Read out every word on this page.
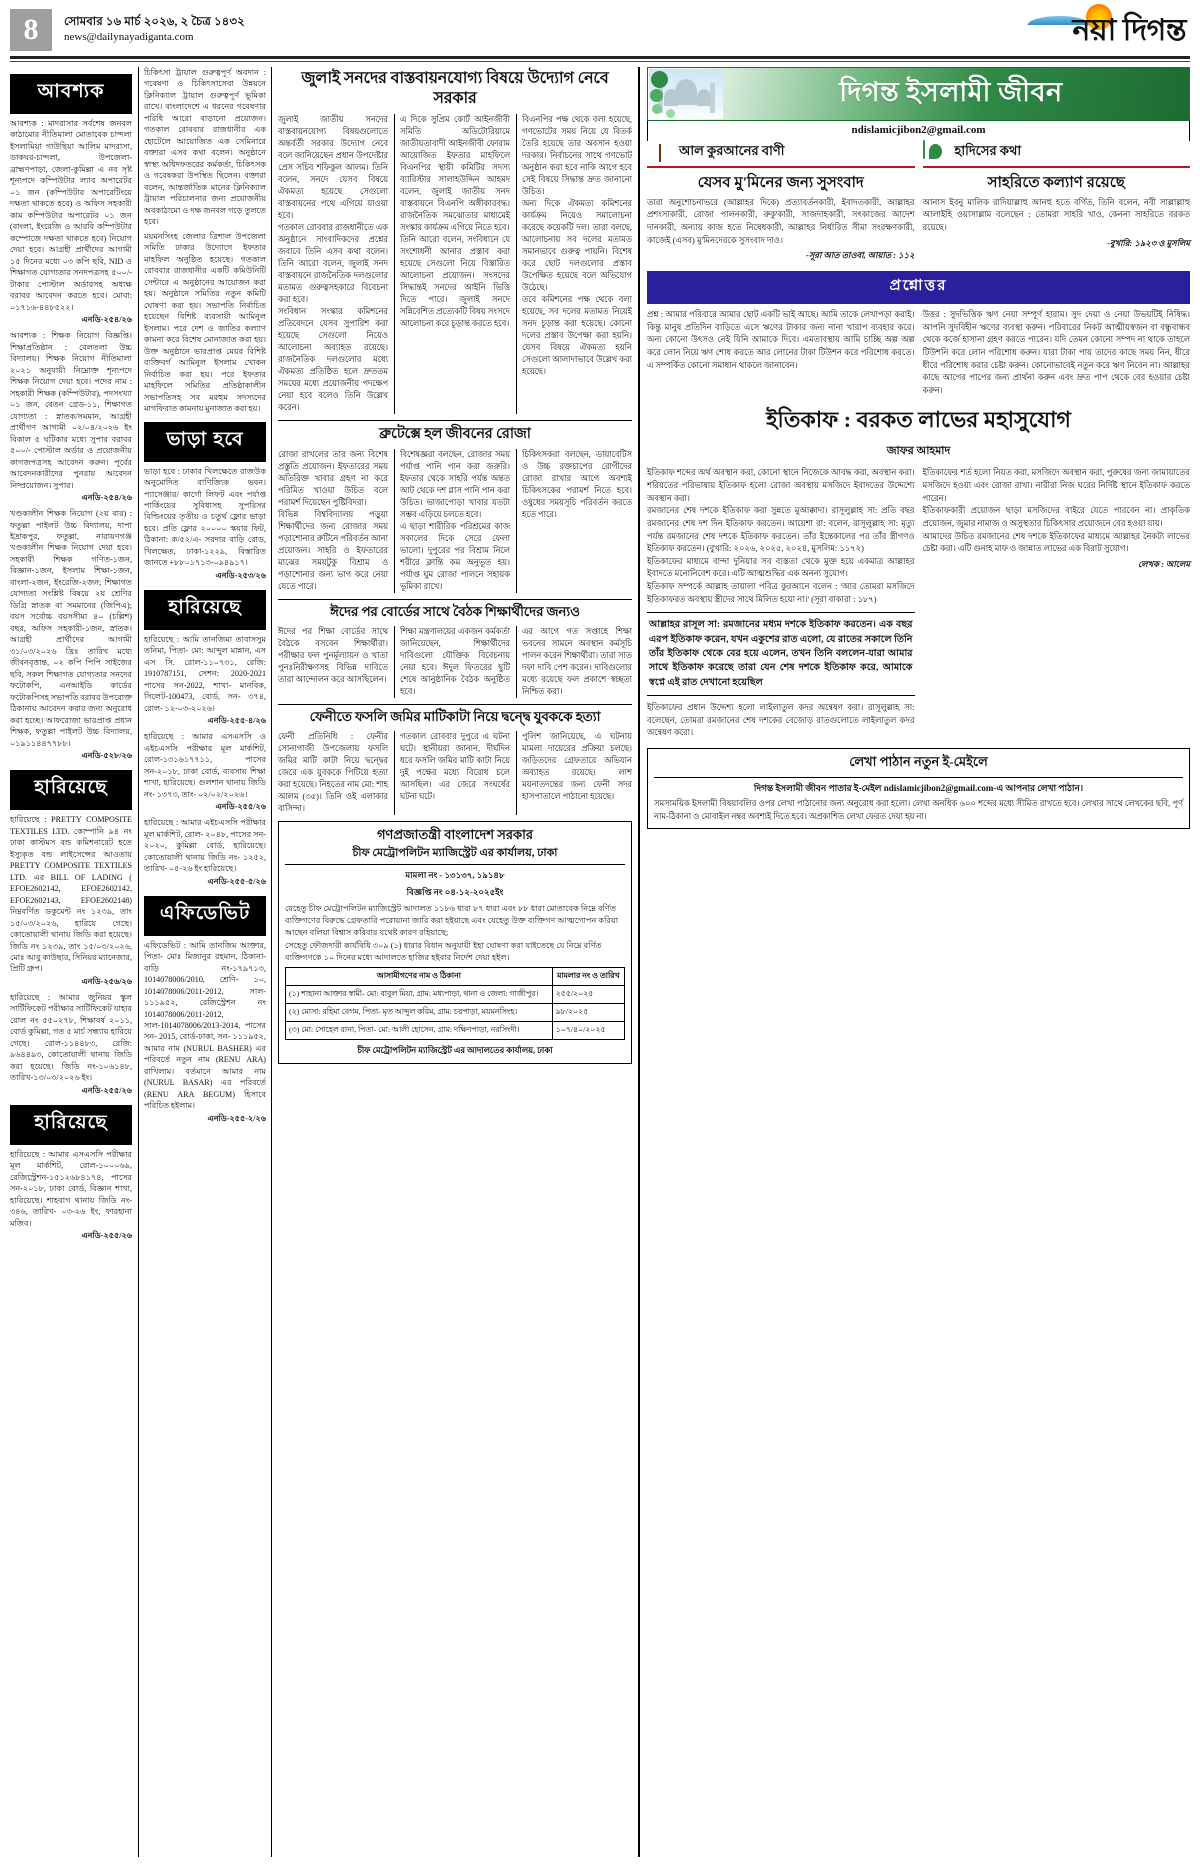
8	সোমবার ১৬ মার্চ ২০২৬, ২ চৈত্র ১৪৩২
news@dailynayadiganta.com	নয়া দিগন্ত
আবশ্যক
আবশ্যক : মাদরাসার সর্বশেষ জনবল কাঠামোর নীতিমালা মোতাবেক চান্দলা ইসলামিয়া গাউছিয়া আলিম মাদরাসা, ডাকঘর-চান্দলা, উপজেলা-ব্রাহ্মণপাড়া, জেলা-কুমিল্লা এ নব সৃষ্ট শূন্যপদে কম্পিউটার ল্যাব অপারেটর ০১ জন (কম্পিউটার অপারেটিংয়ে দক্ষতা থাকতে হবে) ও অফিস সহকারী কাম কম্পিউটার অপারেটর ০১ জন (বাংলা, ইংরেজি ও আরবি কম্পিউটার কম্পোজে দক্ষতা থাকতে হবে) নিয়োগ দেয়া হবে। আগ্রহী প্রার্থীদের আগামী ১৫ দিনের মধ্যে ০৩ কপি ছবি, NID ও শিক্ষাগত যোগ্যতার সনদপত্রসহ ৫০০/- টাকার পোস্টাল অর্ডারসহ অধ্যক্ষ বরাবর আবেদন করতে হবে। মোবা: ০১৭১৬-৪৪৮৫২২।
এনডি-২৫৪/২৬
আবশ্যক : শিক্ষক নিয়োগ বিজ্ঞপ্তি। শিক্ষাপ্রতিষ্ঠান : বেলতলা উচ্চ বিদ্যালয়। শিক্ষক নিয়োগ নীতিমালা ২০২১ অনুযায়ী নিম্নোক্ত শূন্যপদে শিক্ষক নিয়োগ দেয়া হবে। পদের নাম : সহকারী শিক্ষক (কম্পিউটার), পদসংখ্যা ০১ জন, বেতন গ্রেড-১১, শিক্ষাগত যোগ্যতা : স্নাতক/সমমান, আগ্রহী প্রার্থীগণ আগামী ০২/০৪/২০২৬ ইং বিকাল ৫ ঘটিকার মধ্যে সুপার বরাবর ৫০০/- পোস্টাল অর্ডার ও প্রয়োজনীয় কাগজপত্রসহ আবেদন করুন। পূর্বের আবেদনকারীদের পুনরায় আবেদন নিষ্প্রয়োজন। সুপার।
এনডি-২৫৪/২৬
খণ্ডকালীন শিক্ষক নিয়োগ (২য় বার) : ফতুল্লা পাইলট উচ্চ বিদ্যালয়, দাপা ইদ্রাকপুর, ফতুল্লা, নারায়ণগঞ্জ খণ্ডকালীন শিক্ষক নিয়োগ দেয়া হবে। সহকারী শিক্ষক গণিত-১জন, বিজ্ঞান-১জন, ইসলাম শিক্ষা-১জন, বাংলা-২জন, ইংরেজি-২জন; শিক্ষাগত যোগ্যতা সংশ্লিষ্ট বিষয়ে ২য় শ্রেণির ডিগ্রি স্নাতক বা সমমানের (জিপিএ); বয়স সর্বোচ্চ বয়সসীমা ৪০ (চল্লিশ) বছর, অফিস সহকারী-১জন, স্নাতক। আগ্রহী প্রার্থীদের আগামী ৩১/০৩/২০২৬ খ্রিঃ তারিখ মধ্যে জীবনবৃত্তান্ত, ০২ কপি পিপি সাইজের ছবি, সকল শিক্ষাগত যোগ্যতার সনদের ফটোকপি, এনআইডি কার্ডের ফটোকপিসহ সভাপতি বরাবর উপরোক্ত ঠিকানায় আবেদন করার জন্য অনুরোধ করা হচ্ছে। আফরোজা ভারপ্রাপ্ত প্রধান শিক্ষক, ফতুল্লা পাইলট উচ্চ বিদ্যালয়, ০১৯১১৪৪৭৭৮৮।
এনডি-৫২৮/২৬
হারিয়েছে
হারিয়েছে : PRETTY COMPOSITE TEXTILES LTD. কোম্পানি ৯৪ নং ঢাকা কাস্টমস বন্ড কমিশনারেট হতে ইস্যুকৃত বন্ড লাইসেন্সের আওতায় PRETTY COMPOSITE TEXTILES LTD. এর BILL OF LADING ( EFOE2602142, EFOE2602142, EFOE2602143, EFOE2602148) নিম্নবর্ণিত ডকুমেন্ট নং ১২৩৯, তাং ১৫/০৩/২০২৬, হারিয়ে গেছে। কোতোয়ালী থানায় জিডি করা হয়েছে। জিডি নং ১২৩৯, তাং ১৫/০৩/২০২৬, মোঃ আবু কাউছার, সিনিয়র ম্যানেজার, প্রিটি গ্রুপ।
এনডি-২৫৬/২৬
হারিয়েছে : আমার জুনিয়র স্কুল সার্টিফিকেট পরীক্ষার সার্টিফিকেট যাহার রোল নং ৫৫০২৭৮, শিক্ষাবর্ষ ২০১১, বোর্ড কুমিল্লা, গত ৫ মার্চ সন্ধ্যায় হারিয়ে গেছে। রোল-১১৪৪৮৩, রেজি: ৯৬৪৪৯৩, কোতোয়ালী থানায় জিডি করা হয়েছে। জিডি নং-১০৬১৪৮, তারিখ-১৩/০৩/২০২৬ ইং।
এনডি-২৫৫/২৬
হারিয়েছে
হারিয়েছে : আমার এসএসসি পরীক্ষার মূল মার্কশিট, রোল-১০০০৬৯, রেজিস্ট্রেশন-১৫১২৬৮৪১৭৪, পাসের সন-২০১৮, ঢাকা বোর্ড, বিজ্ঞান শাখা, হারিয়েছে। শাহবাগ থানায় জিডি নং- ৩৪৬, তারিখ- ০৩-২৬ ইং, ফারহানা মজিব।
এনডি-২৫৫/২৬
চিকিৎসা ট্রায়াল গুরুত্বপূর্ণ অবদান : গবেষণা ও চিকিৎসাসেবা উন্নয়নে ক্লিনিক্যাল ট্রায়াল গুরুত্বপূর্ণ ভূমিকা রাখে। বাংলাদেশে এ ধরনের গবেষণার পরিধি আরো বাড়ানো প্রয়োজন। গতকাল রোববার রাজধানীর এক হোটেলে আয়োজিত এক সেমিনারে বক্তারা এসব কথা বলেন। অনুষ্ঠানে স্বাস্থ্য অধিদফতরের কর্মকর্তা, চিকিৎসক ও গবেষকরা উপস্থিত ছিলেন। বক্তারা বলেন, আন্তর্জাতিক মানের ক্লিনিক্যাল ট্রায়াল পরিচালনার জন্য প্রয়োজনীয় অবকাঠামো ও দক্ষ জনবল গড়ে তুলতে হবে।
ময়মনসিংহ জেলার ত্রিশাল উপজেলা সমিতি ঢাকার উদ্যোগে ইফতার মাহফিল অনুষ্ঠিত হয়েছে। গতকাল রোববার রাজধানীর একটি কমিউনিটি সেন্টারে এ অনুষ্ঠানের আয়োজন করা হয়। অনুষ্ঠানে সমিতির নতুন কমিটি ঘোষণা করা হয়। সভাপতি নির্বাচিত হয়েছেন বিশিষ্ট ব্যবসায়ী আমিনুল ইসলাম। পরে দেশ ও জাতির কল্যাণ কামনা করে বিশেষ মোনাজাত করা হয়। উক্ত অনুষ্ঠানে ভারপ্রাপ্ত মেয়র বিশিষ্ট ব্যক্তিবর্গ আমিনুল ইসলাম খোকন নির্বাচিত করা হয়। পরে ইফতার মাহফিলে সমিতির প্রতিষ্ঠাকালীন সভাপতিসহ সব মরহুম সদস্যদের মাগফিরাত কামনায় মুনাজাত করা হয়।
ভাড়া হবে
ভাড়া হবে : ঢাকার খিলক্ষেতে রাজউক অনুমোদিত বাণিজ্যিক ভবন। প্যাসেঞ্জার/ কার্গো লিফট এবং পর্যাপ্ত পার্কিংয়ের সুবিধাসহ সুপরিসর বিল্ডিংয়ের তৃতীয় ও চতুর্থ ফ্লোর ভাড়া হবে। প্রতি ফ্লোর ২০০০০ স্কয়ার ফিট, ঠিকানা: ক/৫২/এ- সরদার বাড়ি রোড, খিলক্ষেত, ঢাকা-১২২৯, বিস্তারিত জানতে +৮৮০১৭১৩-০৯৪৯১৭।
এনডি-২৫৩/২৬
হারিয়েছে
হারিয়েছে : আমি তানজিমা তাবাসসুম তনিমা, পিতা- মো: আব্দুল মান্নান, এস এস সি. রোল-১১০৭৩১, রেজি: 1910787151, সেশন: 2020-2021 পাসের সন-2022, শাখা- মানবিক, সিলেট-100473, বোর্ড, সন- ৩৭৪, রোল- ১২-০৩-২০২৬।
এনডি-২৫৫-৪/২৬
হারিয়েছে : আমার এসএসসি ও এইচএসসি পরীক্ষার মূল মার্কশিট, রোল-১৩১৬১৭৭১১, পাসের সন-২০১৮, ঢাকা বোর্ড, ব্যবসায় শিক্ষা শাখা, হারিয়েছে। গুলশান থানায় জিডি নং- ১৩৭৩, তাং- ০২/০২/২০২৬।
এনডি-২৫৫/২৬
হারিয়েছে : আমার এইচএসসি পরীক্ষার মূল মার্কশিট, রোল- ২০৪৮, পাসের সন- ২০২০, কুমিল্লা বোর্ড, হারিয়েছে। কোতোয়ালী থানায় জিডি নং- ১২৫২, তারিখ- ০৫-২৬ ইং হারিয়েছে।
এনডি-২৫৫-৫/২৬
এফিডেভিট
এফিডেভিট : আমি তানজিম আক্তার, পিতা- মোঃ মিজানুর রহমান, ঠিকানা- বাড়ি নং-১৭৯৭১৩, 1014078006/2010, শ্রেণি- ১০, 1014078006/2011-2012, সাল- ১১১৯৫২, রেজিস্ট্রেশন নং 1014078006/2011-2012, সাল-1014078006/2013-2014, পাসের সন- 2015, বোর্ড-ঢাকা, সন- ১১১৯৫২, আমার নাম (NURUL BASHER) এর পরিবর্তে নতুন নাম (RENU ARA) রাখিলাম। বর্তমানে আমার নাম (NURUL BASAR) এর পরিবর্তে (RENU ARA BEGUM) হিসাবে পরিচিত হইলাম।
এনডি-২৫৫-২/২৬
জুলাই সনদের বাস্তবায়নযোগ্য বিষয়ে উদ্যোগ নেবে সরকার
জুলাই জাতীয় সনদের বাস্তবায়নযোগ্য বিষয়গুলোতে অন্তর্বর্তী সরকার উদ্যোগ নেবে বলে জানিয়েছেন প্রধান উপদেষ্টার প্রেস সচিব শফিকুল আলম। তিনি বলেন, সনদে যেসব বিষয়ে ঐকমত্য হয়েছে সেগুলো বাস্তবায়নের পথে এগিয়ে যাওয়া হবে।
গতকাল রোববার রাজধানীতে এক অনুষ্ঠানে সাংবাদিকদের প্রশ্নের জবাবে তিনি এসব কথা বলেন। তিনি আরো বলেন, জুলাই সনদ বাস্তবায়নে রাজনৈতিক দলগুলোর মতামত গুরুত্বসহকারে বিবেচনা করা হবে।
সংবিধান সংস্কার কমিশনের প্রতিবেদনে যেসব সুপারিশ করা হয়েছে সেগুলো নিয়েও আলোচনা অব্যাহত রয়েছে। রাজনৈতিক দলগুলোর মধ্যে ঐকমত্য প্রতিষ্ঠিত হলে দ্রুততম সময়ের মধ্যে প্রয়োজনীয় পদক্ষেপ নেয়া হবে বলেও তিনি উল্লেখ করেন।
এ দিকে সুপ্রিম কোর্ট আইনজীবী সমিতি অডিটোরিয়ামে জাতীয়তাবাদী আইনজীবী ফোরাম আয়োজিত ইফতার মাহফিলে বিএনপির স্থায়ী কমিটির সদস্য ব্যারিস্টার সালাহউদ্দিন আহমদ বলেন, জুলাই জাতীয় সনদ বাস্তবায়নে বিএনপি অঙ্গীকারবদ্ধ। রাজনৈতিক সমঝোতার মাধ্যমেই সংস্কার কার্যক্রম এগিয়ে নিতে হবে।
তিনি আরো বলেন, সংবিধানে যে সংশোধনী আনার প্রস্তাব করা হয়েছে সেগুলো নিয়ে বিস্তারিত আলোচনা প্রয়োজন। সংসদের সিদ্ধান্তই সনদের আইনি ভিত্তি দিতে পারে। জুলাই সনদে সন্নিবেশিত প্রত্যেকটি বিষয় সংসদে আলোচনা করে চূড়ান্ত করতে হবে।
বিএনপির পক্ষ থেকে বলা হয়েছে, গণভোটের সময় নিয়ে যে বিতর্ক তৈরি হয়েছে তার অবসান হওয়া দরকার। নির্বাচনের সাথে গণভোট অনুষ্ঠান করা হবে নাকি আগে হবে সেই বিষয়ে সিদ্ধান্ত দ্রুত জানানো উচিত।
অন্য দিকে ঐকমত্য কমিশনের কার্যক্রম নিয়েও সমালোচনা করেছে কয়েকটি দল। তারা বলছে, আলোচনায় সব দলের মতামত সমানভাবে গুরুত্ব পায়নি। বিশেষ করে ছোট দলগুলোর প্রস্তাব উপেক্ষিত হয়েছে বলে অভিযোগ উঠেছে।
তবে কমিশনের পক্ষ থেকে বলা হয়েছে, সব দলের মতামত নিয়েই সনদ চূড়ান্ত করা হয়েছে। কোনো দলের প্রস্তাব উপেক্ষা করা হয়নি। যেসব বিষয়ে ঐকমত্য হয়নি সেগুলো আলাদাভাবে উল্লেখ করা হয়েছে।
ব্রুটেক্সে হল জীবনের রোজা
রোজা রাখলের তার জন্য বিশেষ প্রস্তুতি প্রয়োজন। ইফতারের সময় অতিরিক্ত খাবার গ্রহণ না করে পরিমিত খাওয়া উচিত বলে পরামর্শ দিয়েছেন পুষ্টিবিদরা।
বিভিন্ন বিশ্ববিদ্যালয় পড়ুয়া শিক্ষার্থীদের জন্য রোজার সময় পড়াশোনার রুটিনে পরিবর্তন আনা প্রয়োজন। সাহরি ও ইফতারের মাঝের সময়টুকু বিশ্রাম ও পড়াশোনার জন্য ভাগ করে নেয়া যেতে পারে।
বিশেষজ্ঞরা বলছেন, রোজার সময় পর্যাপ্ত পানি পান করা জরুরি। ইফতার থেকে সাহরি পর্যন্ত অন্তত আট থেকে দশ গ্লাস পানি পান করা উচিত। ভাজাপোড়া খাবার যতটা সম্ভব এড়িয়ে চলতে হবে।
এ ছাড়া শারীরিক পরিশ্রমের কাজ সকালের দিকে সেরে ফেলা ভালো। দুপুরের পর বিশ্রাম নিলে শরীরে ক্লান্তি কম অনুভূত হয়। পর্যাপ্ত ঘুম রোজা পালনে সহায়ক ভূমিকা রাখে।
চিকিৎসকরা বলছেন, ডায়াবেটিস ও উচ্চ রক্তচাপের রোগীদের রোজা রাখার আগে অবশ্যই চিকিৎসকের পরামর্শ নিতে হবে। ওষুধের সময়সূচি পরিবর্তন করতে হতে পারে।
ঈদের পর বোর্ডের সাথে বৈঠক শিক্ষার্থীদের জন্যও
ঈদের পর শিক্ষা বোর্ডের সাথে বৈঠকে বসবেন শিক্ষার্থীরা। পরীক্ষার ফল পুনর্মূল্যায়ন ও খাতা পুনঃনিরীক্ষণসহ বিভিন্ন দাবিতে তারা আন্দোলন করে আসছিলেন।
শিক্ষা মন্ত্রণালয়ের একজন কর্মকর্তা জানিয়েছেন, শিক্ষার্থীদের দাবিগুলো যৌক্তিক বিবেচনায় নেয়া হবে। ঈদুল ফিতরের ছুটি শেষে আনুষ্ঠানিক বৈঠক অনুষ্ঠিত হবে।
এর আগে গত সপ্তাহে শিক্ষা ভবনের সামনে অবস্থান কর্মসূচি পালন করেন শিক্ষার্থীরা। তারা সাত দফা দাবি পেশ করেন। দাবিগুলোর মধ্যে রয়েছে ফল প্রকাশে স্বচ্ছতা নিশ্চিত করা।
ফেনীতে ফসলি জমির মাটিকাটা নিয়ে দ্বন্দ্বে যুবককে হত্যা
ফেনী প্রতিনিধি : ফেনীর সোনাগাজী উপজেলায় ফসলি জমির মাটি কাটা নিয়ে দ্বন্দ্বের জেরে এক যুবককে পিটিয়ে হত্যা করা হয়েছে। নিহতের নাম মো: শাহ আলম (৩৫)। তিনি ওই এলাকার বাসিন্দা।
গতকাল রোববার দুপুরে এ ঘটনা ঘটে। স্থানীয়রা জানান, দীর্ঘদিন ধরে ফসলি জমির মাটি কাটা নিয়ে দুই পক্ষের মধ্যে বিরোধ চলে আসছিল। এর জেরে সংঘর্ষের ঘটনা ঘটে।
পুলিশ জানিয়েছে, এ ঘটনায় মামলা দায়েরের প্রক্রিয়া চলছে। জড়িতদের গ্রেফতারে অভিযান অব্যাহত রয়েছে। লাশ ময়নাতদন্তের জন্য ফেনী সদর হাসপাতালে পাঠানো হয়েছে।
গণপ্রজাতন্ত্রী বাংলাদেশ সরকার
চীফ মেট্রোপলিটন ম্যাজিস্ট্রেট এর কার্যালয়, ঢাকা
মামলা নং - ১৩১৩৭, ১৯১৪৮
বিজ্ঞপ্তি নং ০৪-১২-২০২৫ইং
যেহেতু চীফ মেট্রোপলিটন ম্যাজিস্ট্রেট আদালত ১১৮৬ ধারা ৮৭ ধারা এবং ৮৮ ধারা মোতাবেক নিম্নে বর্ণিত ব্যক্তিগণের বিরুদ্ধে গ্রেফতারি পরোয়ানা জারি করা হইয়াছে এবং যেহেতু উক্ত ব্যক্তিগণ আত্মগোপন করিয়া আছেন বলিয়া বিশ্বাস করিবার যথেষ্ট কারণ রহিয়াছে;
সেহেতু ফৌজদারী কার্যবিধি ৩০৯ (১) ধারার বিধান অনুযায়ী ইহা ঘোষণা করা যাইতেছে যে নিম্নে বর্ণিত ব্যক্তিগণকে ১০ দিনের মধ্যে আদালতে হাজির হইবার নির্দেশ দেয়া হইল।
আসামীগণের নাম ও ঠিকানা	মামলার নং ও তারিখ
(১) শাহানা আক্তার স্বামী- মো: বাবুল মিয়া, গ্রাম: মধ্যপাড়া, থানা ও জেলা: গাজীপুর।	২৫৫/২০২৫
(২) মোসা: রহিমা বেগম, পিতা- মৃত আব্দুল করিম, গ্রাম: চরপাড়া, ময়মনসিংহ।	৯৮/২০২৫
(৩) মো: সোহেল রানা, পিতা- মো: আলী হোসেন, গ্রাম: দক্ষিণপাড়া, নরসিংদী।	১০৭/৪০/২০২৫
চীফ মেট্রোপলিটন ম্যাজিস্ট্রেট এর আদালতের কার্যালয়, ঢাকা
দিগন্ত ইসলামী জীবন
ndislamicjibon2@gmail.com
আল কুরআনের বাণী
যেসব মু'মিনের জন্য সুসংবাদ
তারা অনুশোচনাভরে (আল্লাহর দিকে) প্রত্যাবর্তনকারী, ইবাদতকারী, আল্লাহর প্রশংসাকারী, রোজা পালনকারী, রুকু'কারী, সাজদাহকারী, সৎকাজের আদেশ দানকারী, অন্যায় কাজ হতে নিষেধকারী, আল্লাহর নির্ধারিত সীমা সংরক্ষণকারী, কাজেই (এসব) মু'মিনদেরকে সুসংবাদ দাও।
-সূরা আত তাওবা, আয়াত : ১১২
হাদিসের কথা
সাহরিতে কল্যাণ রয়েছে
আনাস ইবনু মালিক রাদিয়াল্লাহু আনহু হতে বর্ণিত, তিনি বলেন, নবী সাল্লাল্লাহু আলাইহি ওয়াসাল্লাম বলেছেন : তোমরা সাহরি খাও, কেননা সাহরিতে বরকত রয়েছে।
-বুখারি: ১৯২৩ ও মুসলিম
প্রশ্নোত্তর
প্রশ্ন : আমার পরিবারে আমার ছোট একটি ভাই আছে। আমি তাকে লেখাপড়া করাই। কিন্তু মানুষ প্রতিদিন বাড়িতে এসে ঋণের টাকার জন্য নানা খারাপ ব্যবহার করে। অন্য কোনো উৎসও নেই যিনি আমাকে দিবে। এমতাবস্থায় আমি চাচ্ছি অল্প অল্প করে লোন নিয়ে ঋণ শোধ করতে আর লোনের টাকা টিউশন করে পরিশোধ করতে। এ সম্পর্কিত কোনো সমাধান থাকলে জানাবেন।
উত্তর : সুদভিত্তিক ঋণ নেয়া সম্পূর্ণ হারাম। সুদ দেয়া ও নেয়া উভয়টিই নিষিদ্ধ। আপনি সুদবিহীন ঋণের ব্যবস্থা করুন। পরিবারের নিকট আত্মীয়স্বজন বা বন্ধুবান্ধব থেকে কর্জে হাসানা গ্রহণ করতে পারেন। যদি তেমন কোনো সম্পদ না থাকে তাহলে টিউশনি করে লোন পরিশোধ করুন। যারা টাকা পায় তাদের কাছে সময় নিন, ধীরে ধীরে পরিশোধ করার চেষ্টা করুন। কোনোভাবেই নতুন করে ঋণ নিবেন না। আল্লাহর কাছে আগের পাপের জন্য প্রার্থনা করুন এবং দ্রুত পাপ থেকে বের হওয়ার চেষ্টা করুন।
ইতিকাফ : বরকত লাভের মহাসুযোগ
জাফর আহমাদ
ইতিকাফ শব্দের অর্থ অবস্থান করা, কোনো স্থানে নিজেকে আবদ্ধ করা, অবস্থান করা। শরিয়তের পরিভাষায় ইতিকাফ হলো রোজা অবস্থায় মসজিদে ইবাদতের উদ্দেশ্যে অবস্থান করা।
রমজানের শেষ দশকে ইতিকাফ করা সুন্নতে মুআক্কাদা। রাসূলুল্লাহ সা: প্রতি বছর রমজানের শেষ দশ দিন ইতিকাফ করতেন। আয়েশা রা: বলেন, রাসূলুল্লাহ সা: মৃত্যু পর্যন্ত রমজানের শেষ দশকে ইতিকাফ করতেন। তাঁর ইন্তেকালের পর তাঁর স্ত্রীগণও ইতিকাফ করতেন। (বুখারি: ২০২৬, ২০২৫, ২০২৪, মুসলিম: ১১৭২)
ইতিকাফের মাধ্যমে বান্দা দুনিয়ার সব ব্যস্ততা থেকে মুক্ত হয়ে একমাত্র আল্লাহর ইবাদতে মনোনিবেশ করে। এটি আত্মশুদ্ধির এক অনন্য সুযোগ।
ইতিকাফ সম্পর্কে আল্লাহ তায়ালা পবিত্র কুরআনে বলেন : 'আর তোমরা মসজিদে ইতিকাফরত অবস্থায় স্ত্রীদের সাথে মিলিত হয়ো না।' (সূরা বাকারা : ১৮৭)
আল্লাহর রাসূল সা: রমজানের মধ্যম দশকে ইতিকাফ করতেন। এক বছর এরপ ইতিকাফ করেন, যখন একুশের রাত এলো, যে রাতের সকালে তিনি তাঁর ইতিকাফ থেকে বের হয়ে এলেন, তখন তিনি বললেন-যারা আমার সাথে ইতিকাফ করেছে তারা যেন শেষ দশকে ইতিকাফ করে, আমাকে স্বপ্নে এই রাত দেখানো হয়েছিল
ইতিকাফের প্রধান উদ্দেশ্য হলো লাইলাতুল কদর অন্বেষণ করা। রাসূলুল্লাহ সা: বলেছেন, তোমরা রমজানের শেষ দশকের বেজোড় রাতগুলোতে লাইলাতুল কদর অন্বেষণ করো।
ইতিকাফের শর্ত হলো নিয়ত করা, মসজিদে অবস্থান করা, পুরুষের জন্য জামায়াতের মসজিদে হওয়া এবং রোজা রাখা। নারীরা নিজ ঘরের নির্দিষ্ট স্থানে ইতিকাফ করতে পারেন।
ইতিকাফকারী প্রয়োজন ছাড়া মসজিদের বাইরে যেতে পারবেন না। প্রাকৃতিক প্রয়োজন, জুমার নামাজ ও অসুস্থতার চিকিৎসার প্রয়োজনে বের হওয়া যায়।
আমাদের উচিত রমজানের শেষ দশকে ইতিকাফের মাধ্যমে আল্লাহর নৈকট্য লাভের চেষ্টা করা। এটি গুনাহ মাফ ও জান্নাত লাভের এক বিরাট সুযোগ।
লেখক : আলেম
লেখা পাঠান নতুন ই-মেইলে
দিগন্ত ইসলামী জীবন পাতার ই-মেইল ndislamicjibon2@gmail.com-এ আপনার লেখা পাঠান।
সমসাময়িক ইসলামী বিষয়াবলির ওপর লেখা পাঠানোর জন্য অনুরোধ করা হলো। লেখা অনধিক ৬০০ শব্দের মধ্যে সীমিত রাখতে হবে। লেখার সাথে লেখকের ছবি, পূর্ণ নাম-ঠিকানা ও মোবাইল নম্বর অবশ্যই দিতে হবে। অপ্রকাশিত লেখা ফেরত দেয়া হয় না।
